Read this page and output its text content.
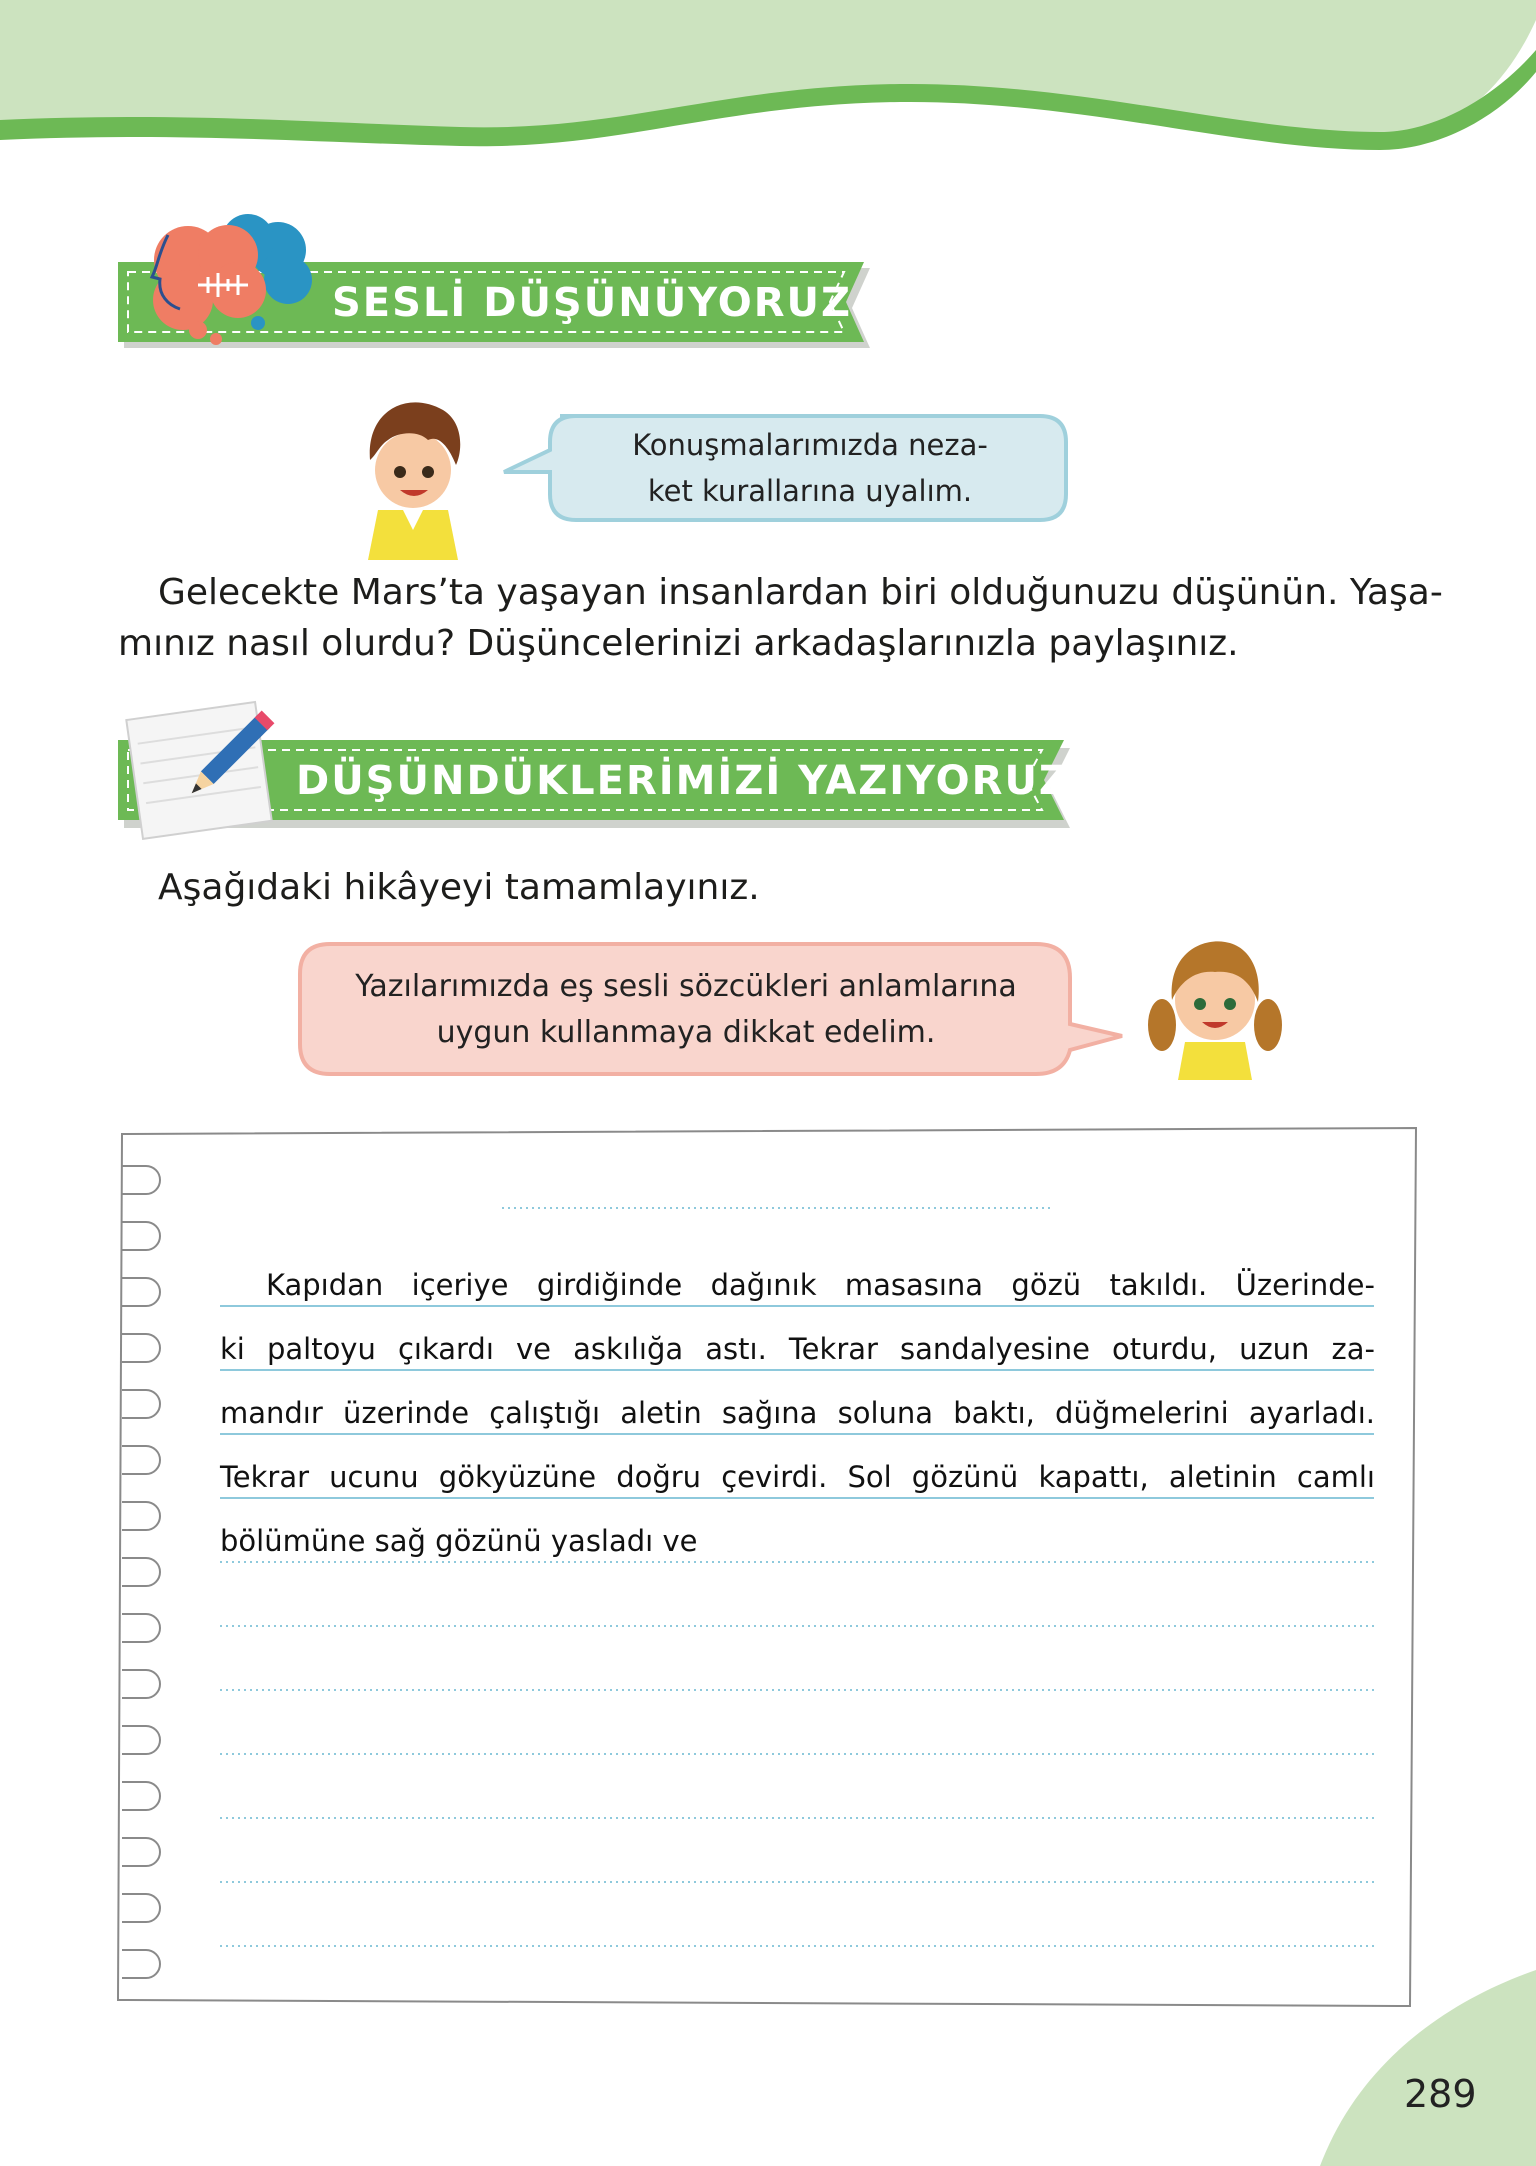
SESLİ DÜŞÜNÜYORUZ
Konuşmalarımızda neza-
ket kurallarına uyalım.
Gelecekte Mars’ta yaşayan insanlardan biri olduğunuzu düşünün. Yaşa-
mınız nasıl olurdu? Düşüncelerinizi arkadaşlarınızla paylaşınız.
DÜŞÜNDÜKLERİMİZİ YAZIYORUZ
Aşağıdaki hikâyeyi tamamlayınız.
Yazılarımızda eş sesli sözcükleri anlamlarına
uygun kullanmaya dikkat edelim.
Kapıdan içeriye girdiğinde dağınık masasına gözü takıldı. Üzerinde-
ki paltoyu çıkardı ve askılığa astı. Tekrar sandalyesine oturdu, uzun za-
mandır üzerinde çalıştığı aletin sağına soluna baktı, düğmelerini ayarladı.
Tekrar ucunu gökyüzüne doğru çevirdi. Sol gözünü kapattı, aletinin camlı
bölümüne sağ gözünü yasladı ve
289
